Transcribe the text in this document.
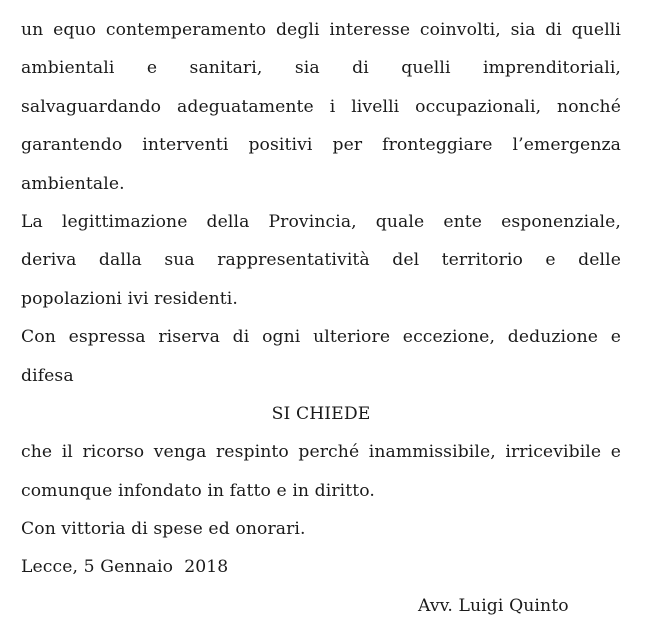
un equo contemperamento degli interesse coinvolti, sia di quelli
ambientali e sanitari, sia di quelli imprenditoriali,
salvaguardando adeguatamente i livelli occupazionali, nonché
garantendo interventi positivi per fronteggiare l’emergenza
ambientale.
La legittimazione della Provincia, quale ente esponenziale,
deriva dalla sua rappresentatività del territorio e delle
popolazioni ivi residenti.
Con espressa riserva di ogni ulteriore eccezione, deduzione e
difesa
SI CHIEDE
che il ricorso venga respinto perché inammissibile, irricevibile e
comunque infondato in fatto e in diritto.
Con vittoria di spese ed onorari.
Lecce, 5 Gennaio  2018
Avv. Luigi Quinto
